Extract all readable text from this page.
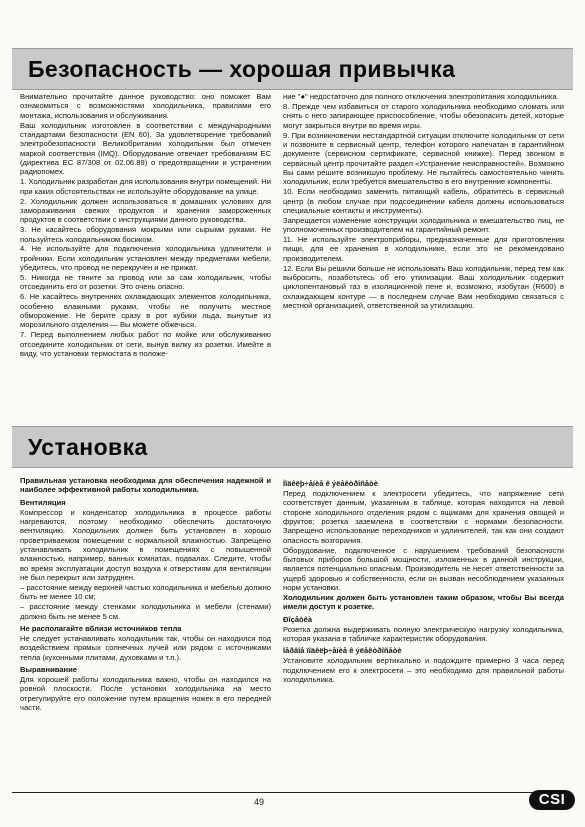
Безопасность — хорошая привычка

Внимательно прочитайте данное руководство: оно поможет Вам ознакомиться с возможностями холодильника, правилами его монтажа, использования и обслуживания.

Ваш холодильник изготовлен в соответствии с международными стандартами безопасности (EN 60). За удовлетворение требований электробезопасности Великобритании холодильник был отмечен маркой соответствия (IMQ). Оборудование отвечает требованиям ЕС (директива ЕС 87/308 от 02.06.89) о предотвращении и устранении радиопомех.

1. Холодильник разработан для использования внутри помещений. Ни при каких обстоятельствах не используйте оборудование на улице.

2. Холодильник должен использоваться в домашних условиях для замораживания свежих продуктов и хранения замороженных продуктов в соответствии с инструкциями данного руководства.

3. Не касайтесь оборудования мокрыми или сырыми руками. Не пользуйтесь холодильником босиком.

4. Не используйте для подключения холодильника удлинители и тройники. Если холодильник установлен между предметами мебели, убедитесь, что провод не перекручен и не прижат.

5. Никогда не тяните за провод или за сам холодильник, чтобы отсоединить его от розетки. Это очень опасно.

6. Не касайтесь внутренних охлаждающих элементов холодильника, особенно влажными руками, чтобы не получить местное обморожение. Не берите сразу в рот кубики льда, вынутые из морозильного отделения — Вы можете обжечься.

7. Перед выполнением любых работ по мойке или обслуживанию отсоедините холодильник от сети, вынув вилку из розетки. Имейте в виду, что установки термостата в положе-

ние "●" недостаточно для полного отключения электропитания холодильника.

8. Прежде чем избавиться от старого холодильника необходимо сломать или снять с него запирающее приспособление, чтобы обезопасить детей, которые могут закрыться внутри во время игры.

9. При возникновении нестандартной ситуации отключите холодильник от сети и позвоните в сервисный центр, телефон которого напечатан в гарантийном документе (сервисном сертификате, сервисной книжке). Перед звонком в сервисный центр прочитайте раздел «Устранение неисправностей». Возможно Вы сами решите возникшую проблему. Не пытайтесь самостоятельно чинить холодильник, если требуется вмешательство в его внутренние компоненты.

10. Если необходимо заменить питающий кабель, обратитесь в сервисный центр (в любом случае при подсоединении кабеля должны использоваться специальные контакты и инструменты).

Запрещается изменение конструкции холодильника и вмешательство лиц, не уполномоченных производителем на гарантийный ремонт.

11. Не используйте электроприборы, предназначенные для приготовления пищи, для ее хранения в холодильнике, если это не рекомендовано производителем.

12. Если Вы решили больше не использовать Ваш холодильник, перед тем как выбросить, позаботьтесь об его утилизации. Ваш холодильник содержит циклопентановый газ в изоляционной пене и, возможно, изобутан (R600) в охлаждающем контуре — в последнем случае Вам необходимо связаться с местной организацией, ответственной за утилизацию.

Установка

Правильная установка необходима для обеспечения надежной и наиболее эффективной работы холодильника.

Вентиляция

Компрессор и конденсатор холодильника в процессе работы нагреваются, поэтому необходимо обеспечить достаточную вентиляцию. Холодильник должен быть установлен в хорошо проветриваемом помещении с нормальной влажностью. Запрещено устанавливать холодильник в помещениях с повышенной влажностью, например, ванных комнатах, подвалах. Следите, чтобы во время эксплуатации доступ воздуха к отверстиям для вентиляции не был перекрыт или затруднен.

– расстояние между верхней частью холодильника и мебелью должно быть не менее 10 см;

– расстояние между стенками холодильника и мебели (стенами) должно быть не менее 5 см.

Не располагайте вблизи источников тепла

Не следует устанавливать холодильник так, чтобы он находился под воздействием прямых солнечных лучей или рядом с источниками тепла (кухонными плитами, духовками и т.п.).

Выравнивание

Для хорошей работы холодильника важно, чтобы он находился на ровной плоскости. После установки холодильника на место отрегулируйте его положение путем вращения ножек в его передней части.

Ïîäêëþ÷åíèå ê ýëåêòðîñåòè

Перед подключением к электросети убедитесь, что напряжение сети соответствует данным, указанным в таблице, которая находится на левой стороне холодильного отделения рядом с ящиками для хранения овощей и фруктов; розетка заземлена в соответствии с нормами безопасности. Запрещено использование переходников и удлинителей, так как они создают опасность возгорания.

Оборудование, подключенное с нарушением требований безопасности бытовых приборов большой мощности, изложенных в данной инструкции, является потенциально опасным. Производитель не несет ответственности за ущерб здоровью и собственности, если он вызван несоблюдением указанных норм установки.

Холодильник должен быть установлен таким образом, чтобы Вы всегда имели доступ к розетке.

Ðîçåòêà

Розетка должна выдерживать полную электрическую нагрузку холодильника, которая указана в табличке характеристик оборудования.

Ïåðâîå ïîäêëþ÷åíèå ê ýëåêòðîñåòè

Установите холодильник вертикально и подождите примерно 3 часа перед подключением его к электросети – это необходимо для правильной работы холодильника.

49	CSI
